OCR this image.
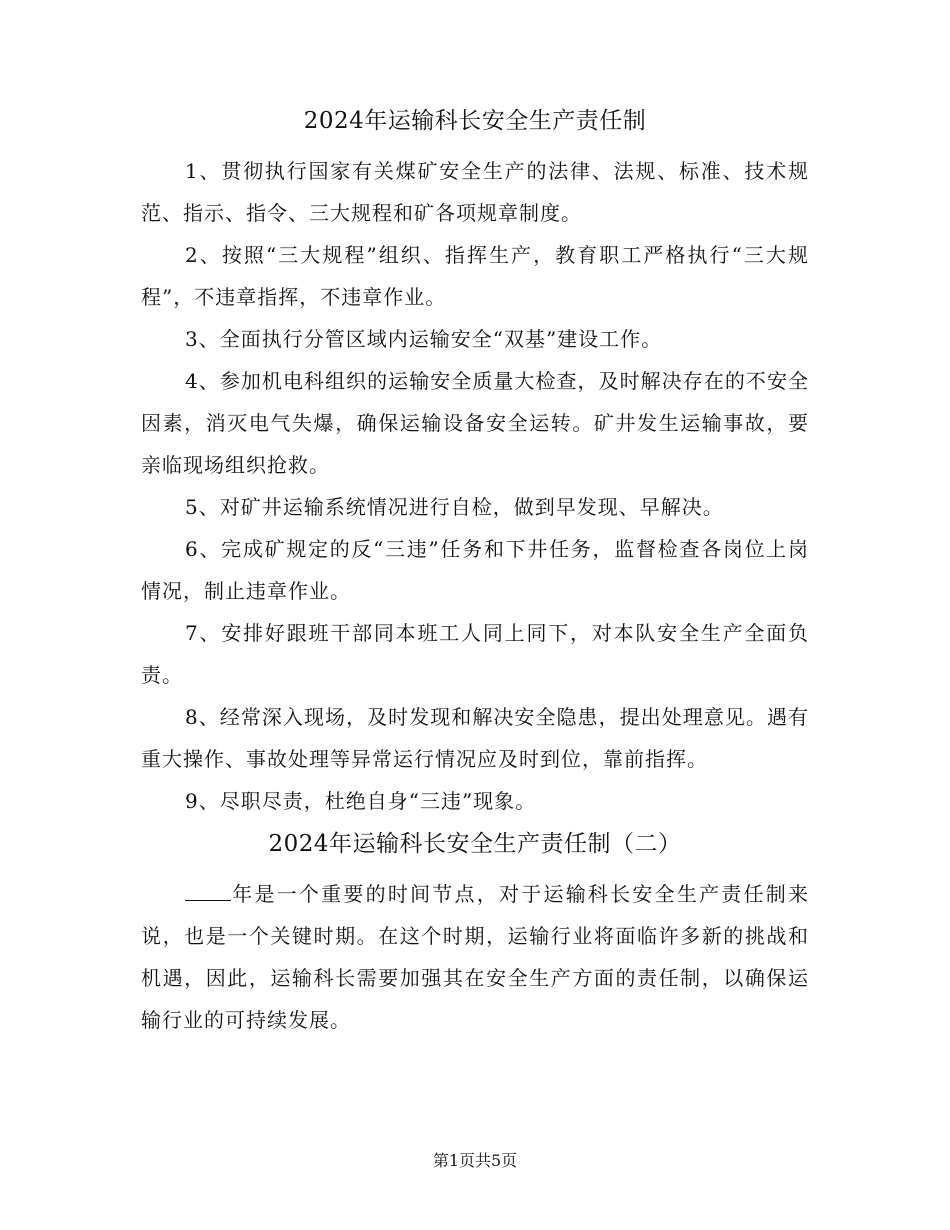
2024年运输科长安全生产责任制
1、贯彻执行国家有关煤矿安全生产的法律、法规、标准、技术规范、指示、指令、三大规程和矿各项规章制度。
2、按照“三大规程”组织、指挥生产，教育职工严格执行“三大规程”，不违章指挥，不违章作业。
3、全面执行分管区域内运输安全“双基”建设工作。
4、参加机电科组织的运输安全质量大检查，及时解决存在的不安全因素，消灭电气失爆，确保运输设备安全运转。矿井发生运输事故，要亲临现场组织抢救。
5、对矿井运输系统情况进行自检，做到早发现、早解决。
6、完成矿规定的反“三违”任务和下井任务，监督检查各岗位上岗情况，制止违章作业。
7、安排好跟班干部同本班工人同上同下，对本队安全生产全面负责。
8、经常深入现场，及时发现和解决安全隐患，提出处理意见。遇有重大操作、事故处理等异常运行情况应及时到位，靠前指挥。
9、尽职尽责，杜绝自身“三违”现象。
2024年运输科长安全生产责任制（二）
年是一个重要的时间节点，对于运输科长安全生产责任制来说，也是一个关键时期。在这个时期，运输行业将面临许多新的挑战和机遇，因此，运输科长需要加强其在安全生产方面的责任制，以确保运输行业的可持续发展。
第1页共5页
